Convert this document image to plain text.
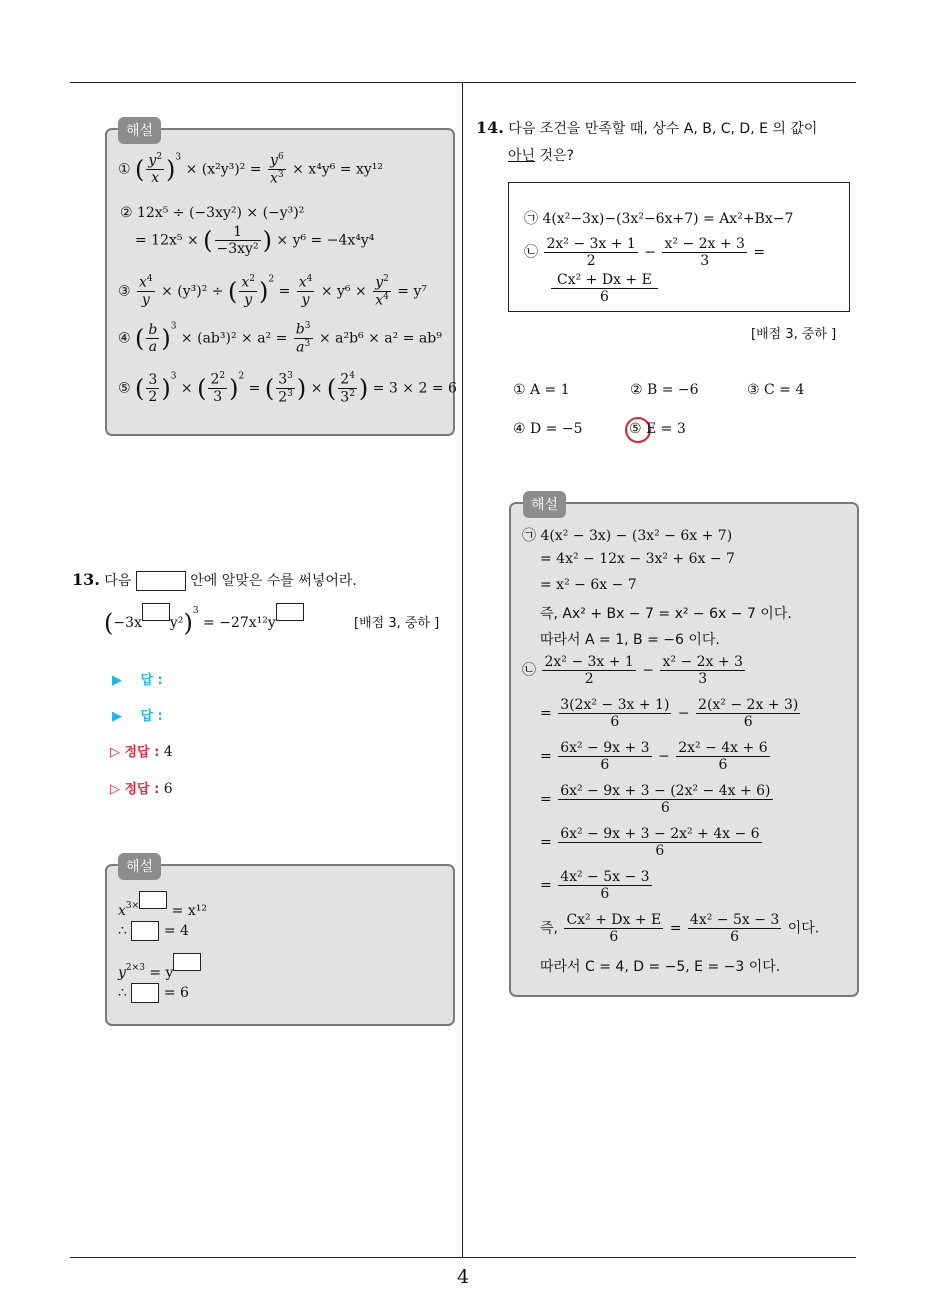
4
해설
① ( $\frac{y^2}{x} )^3 \times (x^2y^3)^2 = \frac{y^6}{x^3} \times x^4y^6 = xy^{12}$
② 12x⁵ ÷ (−3xy²) × (−y³)²
= 12x⁵ × ( $\frac{1}{\text{−3xy²}}$ ) × y⁶ = −4x⁴y⁴
③ $\frac{x^4}{y} \times (y^3)^2$ ÷ ( $\frac{x^2}{y} )^2 = \frac{x^4}{y} \times y^6 \times \frac{y^2}{x^4} = y^7$
④ ( $\frac{b}{a} )^3 \times (ab^3)^2 \times a^2 = \frac{b^3}{a^3} \times a^2b^6 \times a^2 = ab^9$
⑤ ( $\frac{3}{2} )^3$ × ( $\frac{2^2}{3} )^2$ = ( $\frac{3^3}{2^3}$ ) × ( $\frac{2^4}{3^2}$ ) = 3 × 2 = 6
13. 다음	안에 알맞은 수를 써넣어라.
(−3x y²)$^3$ = −27x¹²y	[배점 3, 중하 ]
▶ 답 :
▶ 답 :
▷ 정답 : 4
▷ 정답 : 6
해설
$x^{3\times} = x^{12}$
∴  = 4
$y^{2\times 3} = y$
∴  = 6
14. 다음 조건을 만족할 때, 상수 A, B, C, D, E 의 값이
아닌 것은?
㉠ 4(x²−3x)−(3x²−6x+7) = Ax²+Bx−7
㉡ $\frac{\text{2x² − 3x + 1}}{2} - \frac{\text{x² − 2x + 3}}{3}$ =
$\frac{\text{Cx² + Dx + E}}{6}$
[배점 3, 중하 ]
① A = 1	② B = −6	③ C = 4
④ D = −5	⑤ E = 3
해설
㉠ 4(x² − 3x) − (3x² − 6x + 7)
= 4x² − 12x − 3x² + 6x − 7
= x² − 6x − 7
즉, Ax² + Bx − 7 = x² − 6x − 7 이다.
따라서 A = 1, B = −6 이다.
㉡ $\frac{\text{2x² − 3x + 1}}{2} - \frac{\text{x² − 2x + 3}}{3}$
= $\frac{\text{3(2x² − 3x + 1)}}{6} - \frac{\text{2(x² − 2x + 3)}}{6}$
= $\frac{\text{6x² − 9x + 3}}{6} - \frac{\text{2x² − 4x + 6}}{6}$
= $\frac{\text{6x² − 9x + 3 − (2x² − 4x + 6)}}{6}$
= $\frac{\text{6x² − 9x + 3 − 2x² + 4x − 6}}{6}$
= $\frac{\text{4x² − 5x − 3}}{6}$
즉, $\frac{\text{Cx² + Dx + E}}{6} = \frac{\text{4x² − 5x − 3}}{6}$ 이다.
따라서 C = 4, D = −5, E = −3 이다.
